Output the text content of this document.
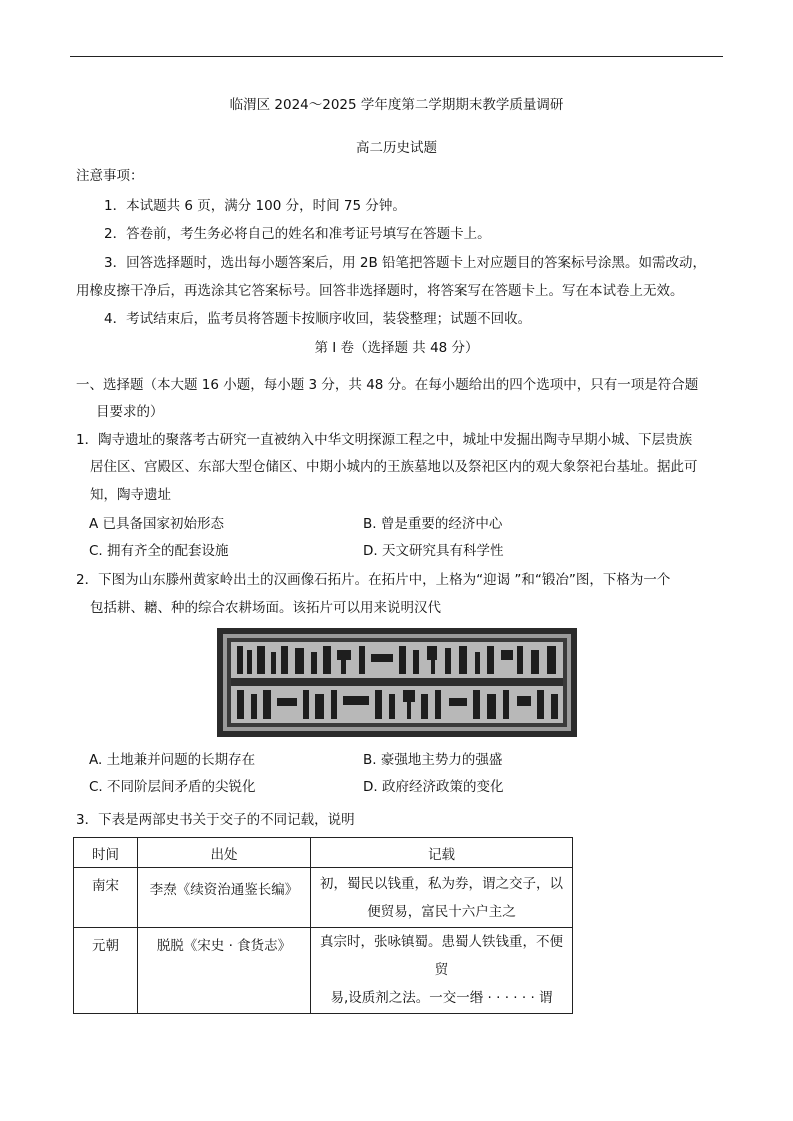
临渭区 2024～2025 学年度第二学期期末教学质量调研
高二历史试题
注意事项：
1．本试题共 6 页，满分 100 分，时间 75 分钟。
2．答卷前，考生务必将自己的姓名和准考证号填写在答题卡上。
3．回答选择题时，选出每小题答案后，用 2B 铅笔把答题卡上对应题目的答案标号涂黑。如需改动，
用橡皮擦干净后，再选涂其它答案标号。回答非选择题时，将答案写在答题卡上。写在本试卷上无效。
4．考试结束后，监考员将答题卡按顺序收回，装袋整理；试题不回收。
第 I 卷（选择题 共 48 分）
一、选择题（本大题 16 小题，每小题 3 分，共 48 分。在每小题给出的四个选项中，只有一项是符合题
目要求的）
1．陶寺遗址的聚落考古研究一直被纳入中华文明探源工程之中，城址中发掘出陶寺早期小城、下层贵族
居住区、宫殿区、东部大型仓储区、中期小城内的王族墓地以及祭祀区内的观大象祭祀台基址。据此可
知，陶寺遗址
A 已具备国家初始形态	B. 曾是重要的经济中心
C. 拥有齐全的配套设施	D. 天文研究具有科学性
2．下图为山东滕州黄家岭出土的汉画像石拓片。在拓片中，上格为“迎谒 ”和“锻冶”图，下格为一个
包括耕、耱、种的综合农耕场面。该拓片可以用来说明汉代
A. 土地兼并问题的长期存在	B. 豪强地主势力的强盛
C. 不同阶层间矛盾的尖锐化	D. 政府经济政策的变化
3．下表是两部史书关于交子的不同记载，说明
时间	出处	记载

南宋	李焘《续资治通鉴长编》	初，蜀民以钱重，私为券，谓之交子，以
便贸易，富民十六户主之

元朝	脱脱《宋史 · 食货志》	真宗时，张咏镇蜀。患蜀人铁钱重，不便
贸
易,设质剂之法。一交一缗 · · · · · · 谓
